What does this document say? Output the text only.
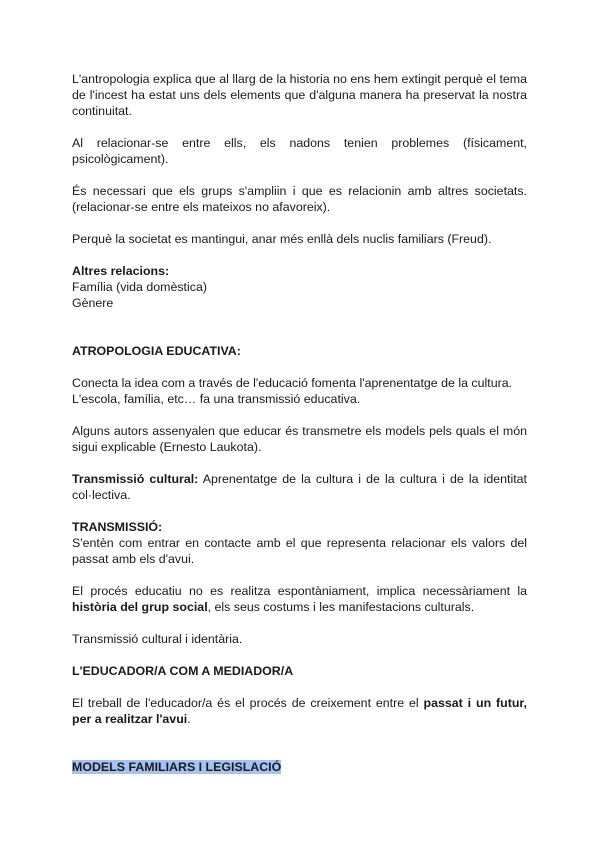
L'antropologia explica que al llarg de la historia no ens hem extingit perquè el tema de l'incest ha estat uns dels elements que d'alguna manera ha preservat la nostra continuitat.

Al relacionar-se entre ells, els nadons tenien problemes (físicament, psicològicament).

És necessari que els grups s'ampliin i que es relacionin amb altres societats. (relacionar-se entre els mateixos no afavoreix).

Perquè la societat es mantingui, anar més enllà dels nuclis familiars (Freud).

Altres relacions:

Família (vida domèstica)

Gènere

ATROPOLOGIA EDUCATIVA:

Conecta la idea com a través de l'educació fomenta l'aprenentatge de la cultura.
L'escola, família, etc… fa una transmissió educativa.

Alguns autors assenyalen que educar és transmetre els models pels quals el món sigui explicable (Ernesto Laukota).

Transmissió cultural: Aprenentatge de la cultura i de la cultura i de la identitat col·lectiva.

TRANSMISSIÓ:

S'entèn com entrar en contacte amb el que representa relacionar els valors del passat amb els d'avui.

El procés educatiu no es realitza espontàniament, implica necessàriament la història del grup social, els seus costums i les manifestacions culturals.

Transmissió cultural i identària.

L'EDUCADOR/A COM A MEDIADOR/A

El treball de l'educador/a és el procés de creixement entre el passat i un futur, per a realitzar l'avui.

MODELS FAMILIARS I LEGISLACIÓ
